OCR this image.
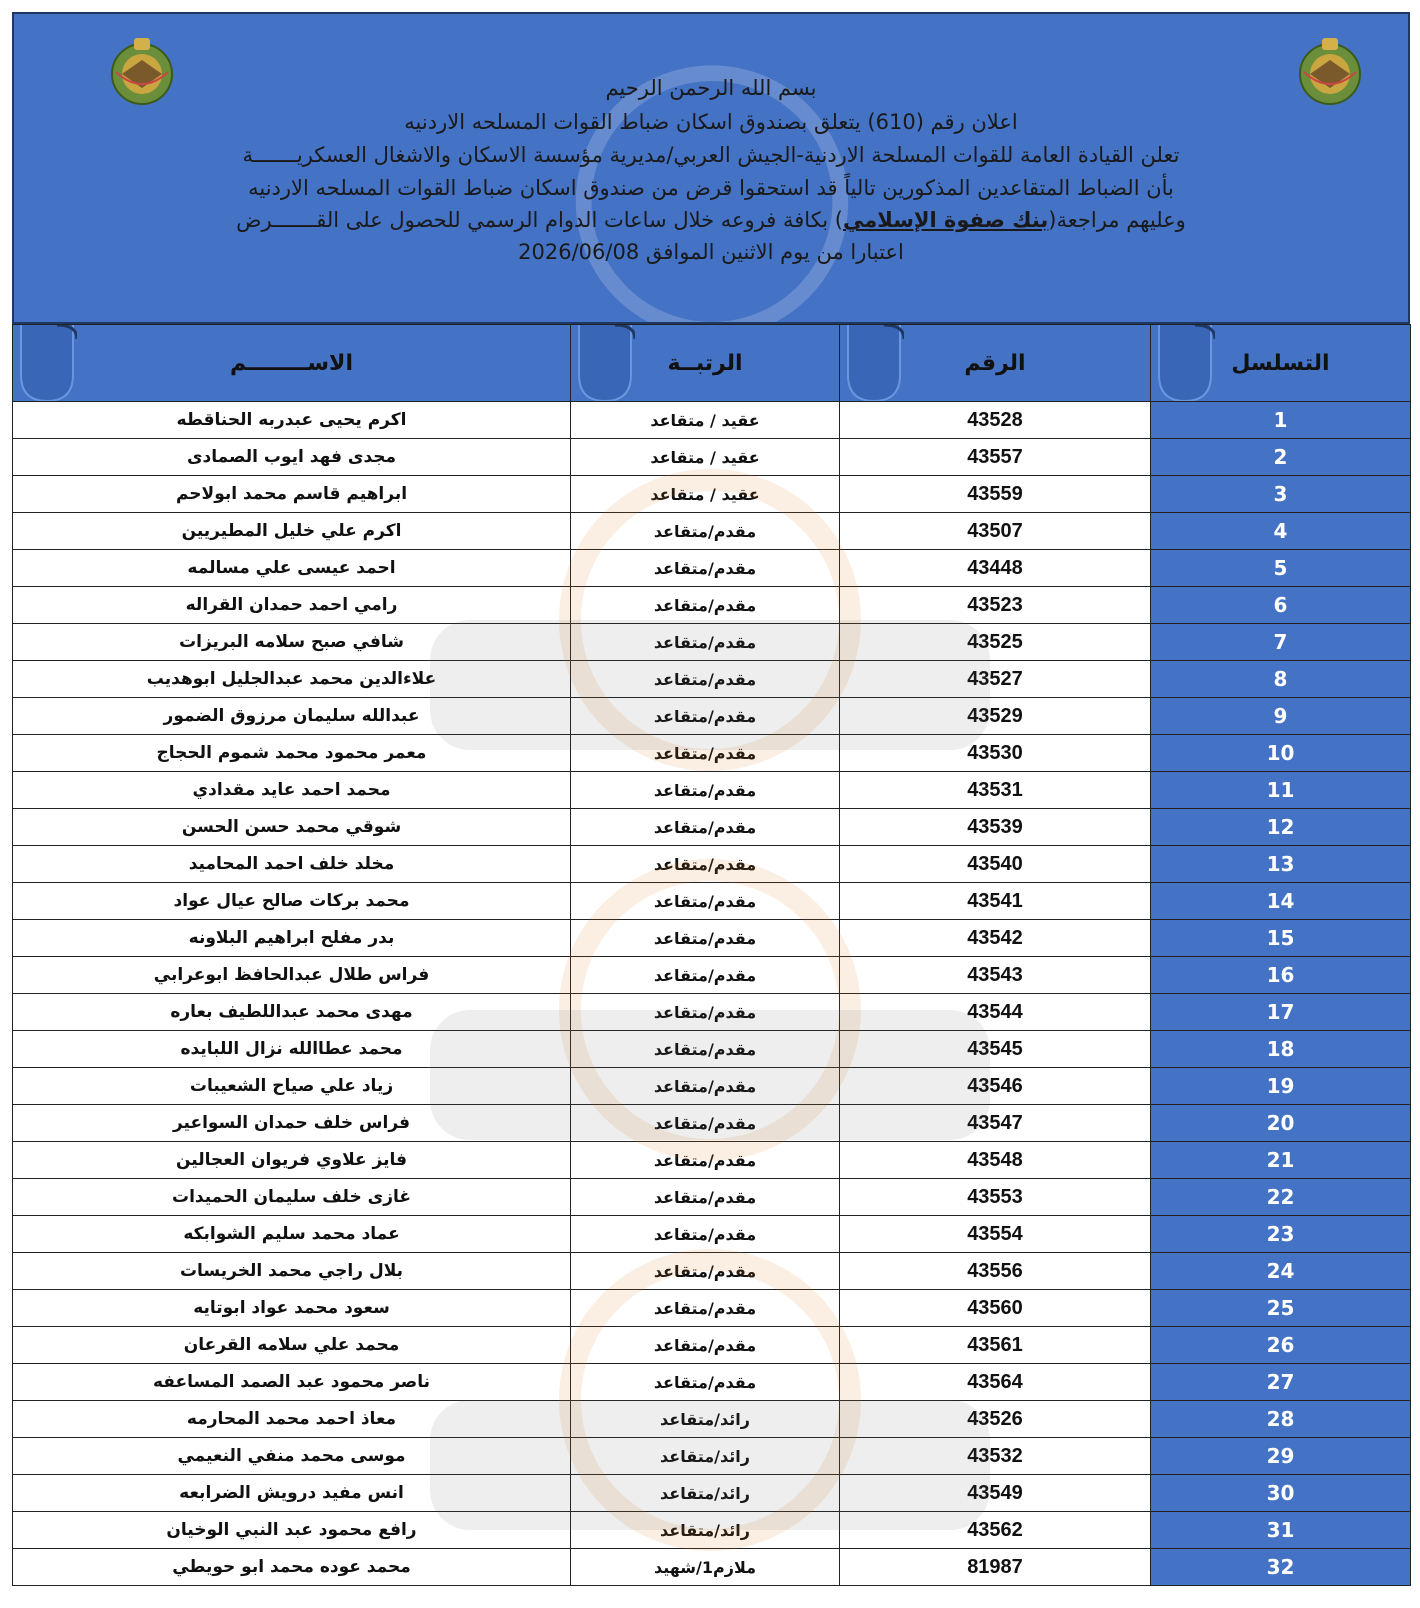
بسم الله الرحمن الرحيم
اعلان رقم (610) يتعلق بصندوق اسكان ضباط القوات المسلحه الاردنيه
تعلن القيادة العامة للقوات المسلحة الاردنية-الجيش العربي/مديرية مؤسسة الاسكان والاشغال العسكريـــــــة
بأن الضباط المتقاعدين المذكورين تالياً قد استحقوا قرض من صندوق اسكان ضباط القوات المسلحه الاردنيه
وعليهم مراجعة(بنك صفوة الإسلامي) بكافة فروعه خلال ساعات الدوام الرسمي للحصول على القـــــــرض
اعتبارا من يوم الاثنين الموافق 2026/06/08
الاســــــــم	الرتبــة	الرقم	التسلسل
اكرم يحيى عبدربه الحناقطه	عقيد / متقاعد	43528	1
مجدى فهد ايوب الصمادى	عقيد / متقاعد	43557	2
ابراهيم قاسم محمد ابولاحم	عقيد / متقاعد	43559	3
اكرم علي خليل المطيريين	مقدم/متقاعد	43507	4
احمد عيسى علي مسالمه	مقدم/متقاعد	43448	5
رامي احمد حمدان القراله	مقدم/متقاعد	43523	6
شافي صبح سلامه البريزات	مقدم/متقاعد	43525	7
علاءالدين محمد عبدالجليل ابوهديب	مقدم/متقاعد	43527	8
عبدالله سليمان مرزوق الضمور	مقدم/متقاعد	43529	9
معمر محمود محمد شموم الحجاج	مقدم/متقاعد	43530	10
محمد احمد عايد مقدادي	مقدم/متقاعد	43531	11
شوقي محمد حسن الحسن	مقدم/متقاعد	43539	12
مخلد خلف احمد المحاميد	مقدم/متقاعد	43540	13
محمد بركات صالح عيال عواد	مقدم/متقاعد	43541	14
بدر مفلح ابراهيم البلاونه	مقدم/متقاعد	43542	15
فراس طلال عبدالحافظ ابوعرابي	مقدم/متقاعد	43543	16
مهدى محمد عبداللطيف بعاره	مقدم/متقاعد	43544	17
محمد عطاالله نزال اللبايده	مقدم/متقاعد	43545	18
زياد علي صياح الشعيبات	مقدم/متقاعد	43546	19
فراس خلف حمدان السواعير	مقدم/متقاعد	43547	20
فايز علاوي فريوان العجالين	مقدم/متقاعد	43548	21
غازى خلف سليمان الحميدات	مقدم/متقاعد	43553	22
عماد محمد سليم الشوابكه	مقدم/متقاعد	43554	23
بلال راجي محمد الخريسات	مقدم/متقاعد	43556	24
سعود محمد عواد ابوتايه	مقدم/متقاعد	43560	25
محمد علي سلامه القرعان	مقدم/متقاعد	43561	26
ناصر محمود عبد الصمد المساعفه	مقدم/متقاعد	43564	27
معاذ احمد محمد المحارمه	رائد/متقاعد	43526	28
موسى محمد منفي النعيمي	رائد/متقاعد	43532	29
انس مفيد درويش الضرابعه	رائد/متقاعد	43549	30
رافع محمود عبد النبي الوخيان	رائد/متقاعد	43562	31
محمد عوده محمد ابو حويطي	ملازم1/شهيد	81987	32
